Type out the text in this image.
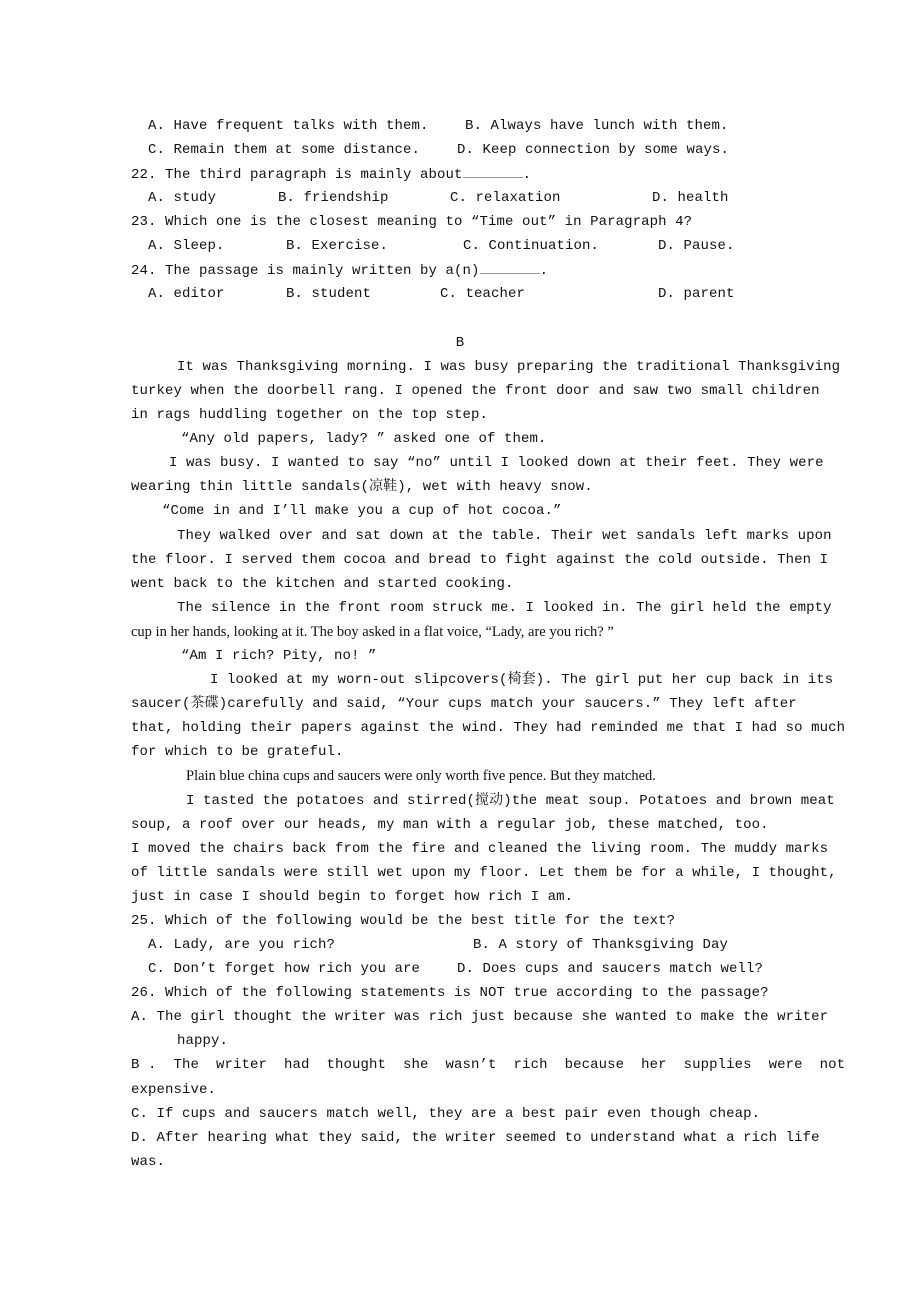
A. Have frequent talks with them.	B. Always have lunch with them.
C. Remain them at some distance.	D. Keep connection by some ways.
22. The third paragraph is mainly about	.
A. study	B. friendship	C. relaxation	D. health
23. Which one is the closest meaning to “Time out” in Paragraph 4?
A. Sleep.	B. Exercise.	C. Continuation.	D. Pause.
24. The passage is mainly written by a(n)	.
A. editor	B. student	C. teacher	D. parent
B
It was Thanksgiving morning. I was busy preparing the traditional Thanksgiving
turkey when the doorbell rang. I opened the front door and saw two small children
in rags huddling together on the top step.
“Any old papers, lady? ” asked one of them.
I was busy. I wanted to say “no” until I looked down at their feet. They were
wearing thin little sandals(凉鞋), wet with heavy snow.
“Come in and I’ll make you a cup of hot cocoa.”
They walked over and sat down at the table. Their wet sandals left marks upon
the floor. I served them cocoa and bread to fight against the cold outside. Then I
went back to the kitchen and started cooking.
The silence in the front room struck me. I looked in. The girl held the empty
cup in her hands, looking at it. The boy asked in a flat voice, “Lady, are you rich? ”
“Am I rich? Pity, no! ”
I looked at my worn-out slipcovers(椅套). The girl put her cup back in its
saucer(茶碟)carefully and said, “Your cups match your saucers.” They left after
that, holding their papers against the wind. They had reminded me that I had so much
for which to be grateful.
Plain blue china cups and saucers were only worth five pence. But they matched.
I tasted the potatoes and stirred(搅动)the meat soup. Potatoes and brown meat
soup, a roof over our heads, my man with a regular job, these matched, too.
I moved the chairs back from the fire and cleaned the living room. The muddy marks
of little sandals were still wet upon my floor. Let them be for a while, I thought,
just in case I should begin to forget how rich I am.
25. Which of the following would be the best title for the text?
A. Lady, are you rich?	B. A story of Thanksgiving Day
C. Don’t forget how rich you are	D. Does cups and saucers match well?
26. Which of the following statements is NOT true according to the passage?
A. The girl thought the writer was rich just because she wanted to make the writer
happy.
B .  The  writer  had  thought  she  wasn’t  rich  because  her  supplies  were  not
expensive.
C. If cups and saucers match well, they are a best pair even though cheap.
D. After hearing what they said, the writer seemed to understand what a rich life
was.
